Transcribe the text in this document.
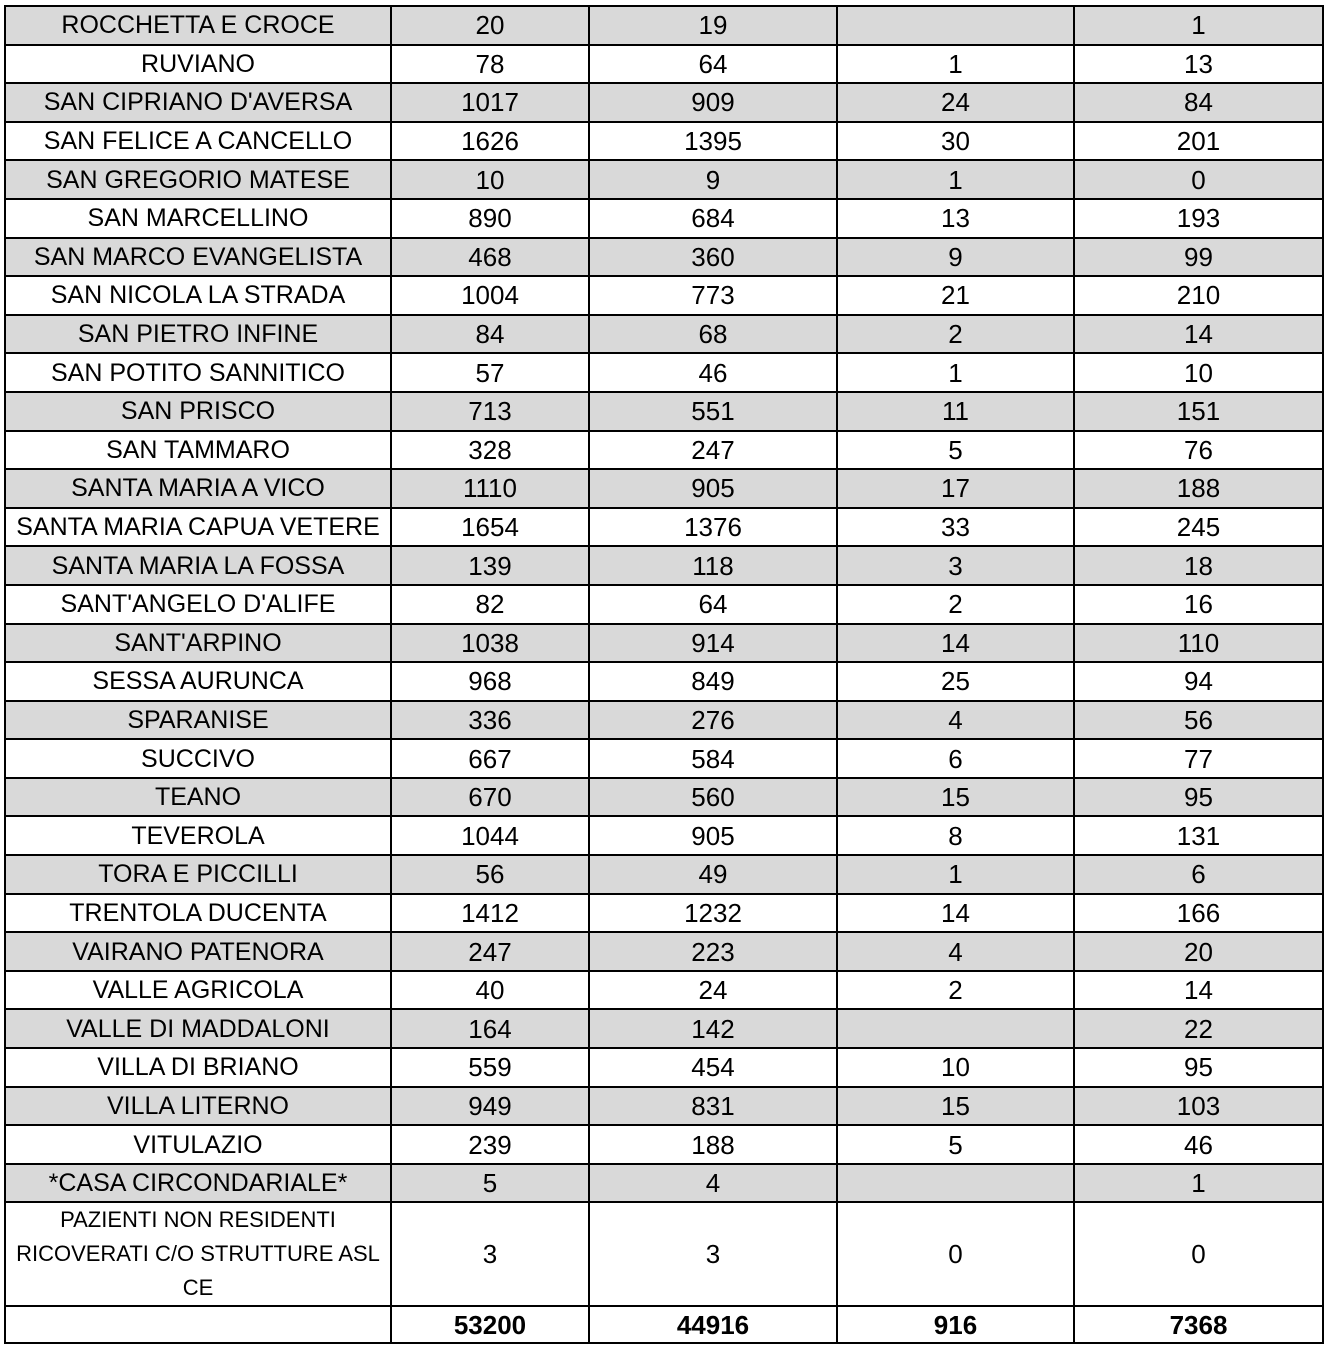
ROCCHETTA E CROCE	20	19		1
RUVIANO	78	64	1	13
SAN CIPRIANO D'AVERSA	1017	909	24	84
SAN FELICE A CANCELLO	1626	1395	30	201
SAN GREGORIO MATESE	10	9	1	0
SAN MARCELLINO	890	684	13	193
SAN MARCO EVANGELISTA	468	360	9	99
SAN NICOLA LA STRADA	1004	773	21	210
SAN PIETRO INFINE	84	68	2	14
SAN POTITO SANNITICO	57	46	1	10
SAN PRISCO	713	551	11	151
SAN TAMMARO	328	247	5	76
SANTA MARIA A VICO	1110	905	17	188
SANTA MARIA CAPUA VETERE	1654	1376	33	245
SANTA MARIA LA FOSSA	139	118	3	18
SANT'ANGELO D'ALIFE	82	64	2	16
SANT'ARPINO	1038	914	14	110
SESSA AURUNCA	968	849	25	94
SPARANISE	336	276	4	56
SUCCIVO	667	584	6	77
TEANO	670	560	15	95
TEVEROLA	1044	905	8	131
TORA E PICCILLI	56	49	1	6
TRENTOLA DUCENTA	1412	1232	14	166
VAIRANO PATENORA	247	223	4	20
VALLE AGRICOLA	40	24	2	14
VALLE DI MADDALONI	164	142		22
VILLA DI BRIANO	559	454	10	95
VILLA LITERNO	949	831	15	103
VITULAZIO	239	188	5	46
*CASA CIRCONDARIALE*	5	4		1
PAZIENTI NON RESIDENTI RICOVERATI C/O STRUTTURE ASL CE	3	3	0	0
	53200	44916	916	7368
